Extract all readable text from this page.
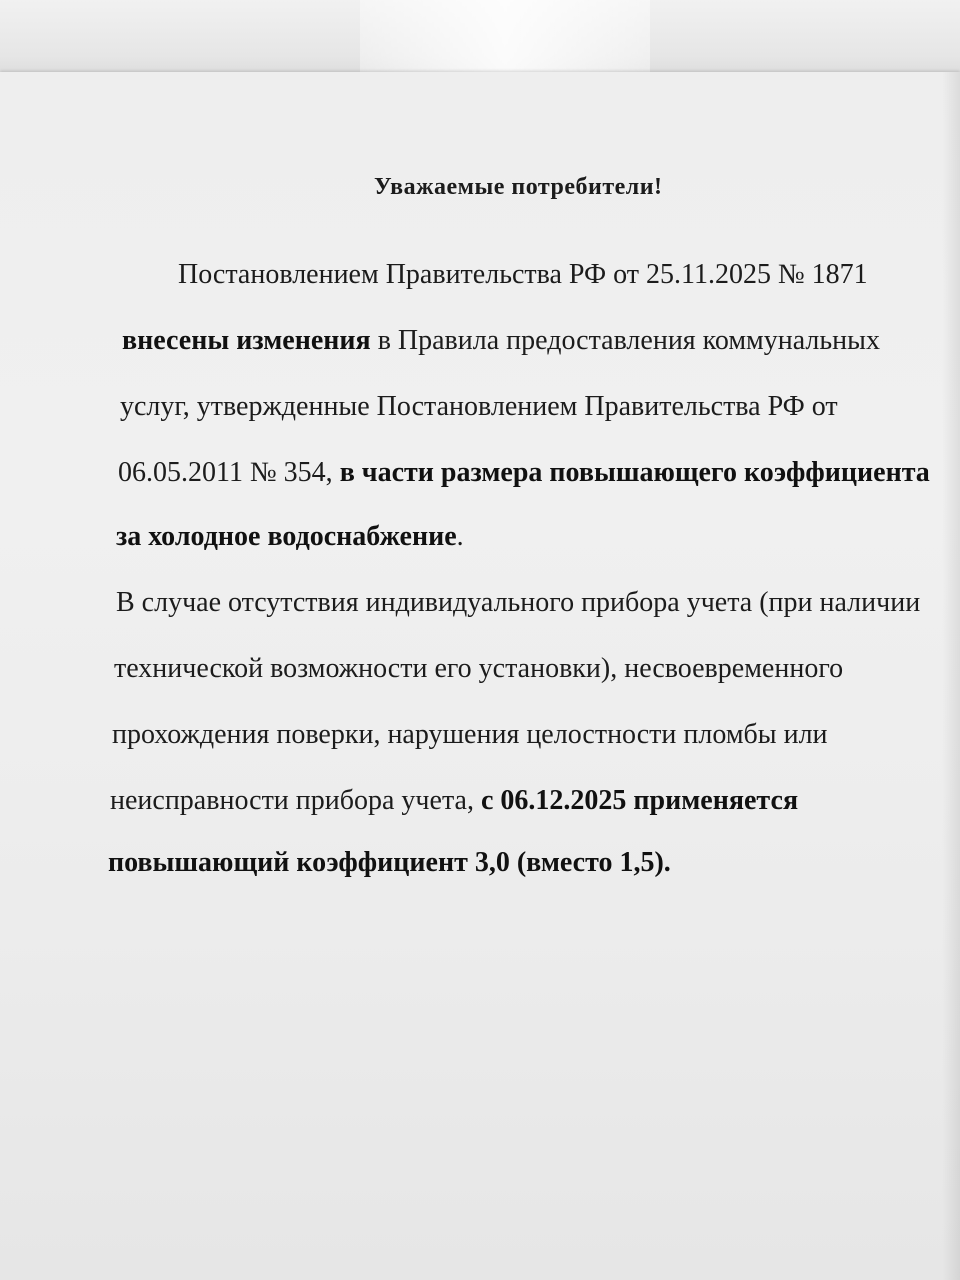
Уважаемые потребители!

Постановлением Правительства РФ от 25.11.2025 № 1871

внесены изменения в Правила предоставления коммунальных

услуг, утвержденные Постановлением Правительства РФ от

06.05.2011 № 354, в части размера повышающего коэффициента

за холодное водоснабжение.

В случае отсутствия индивидуального прибора учета (при наличии

технической возможности его установки), несвоевременного

прохождения поверки, нарушения целостности пломбы или

неисправности прибора учета, с 06.12.2025 применяется

повышающий коэффициент 3,0 (вместо 1,5).
